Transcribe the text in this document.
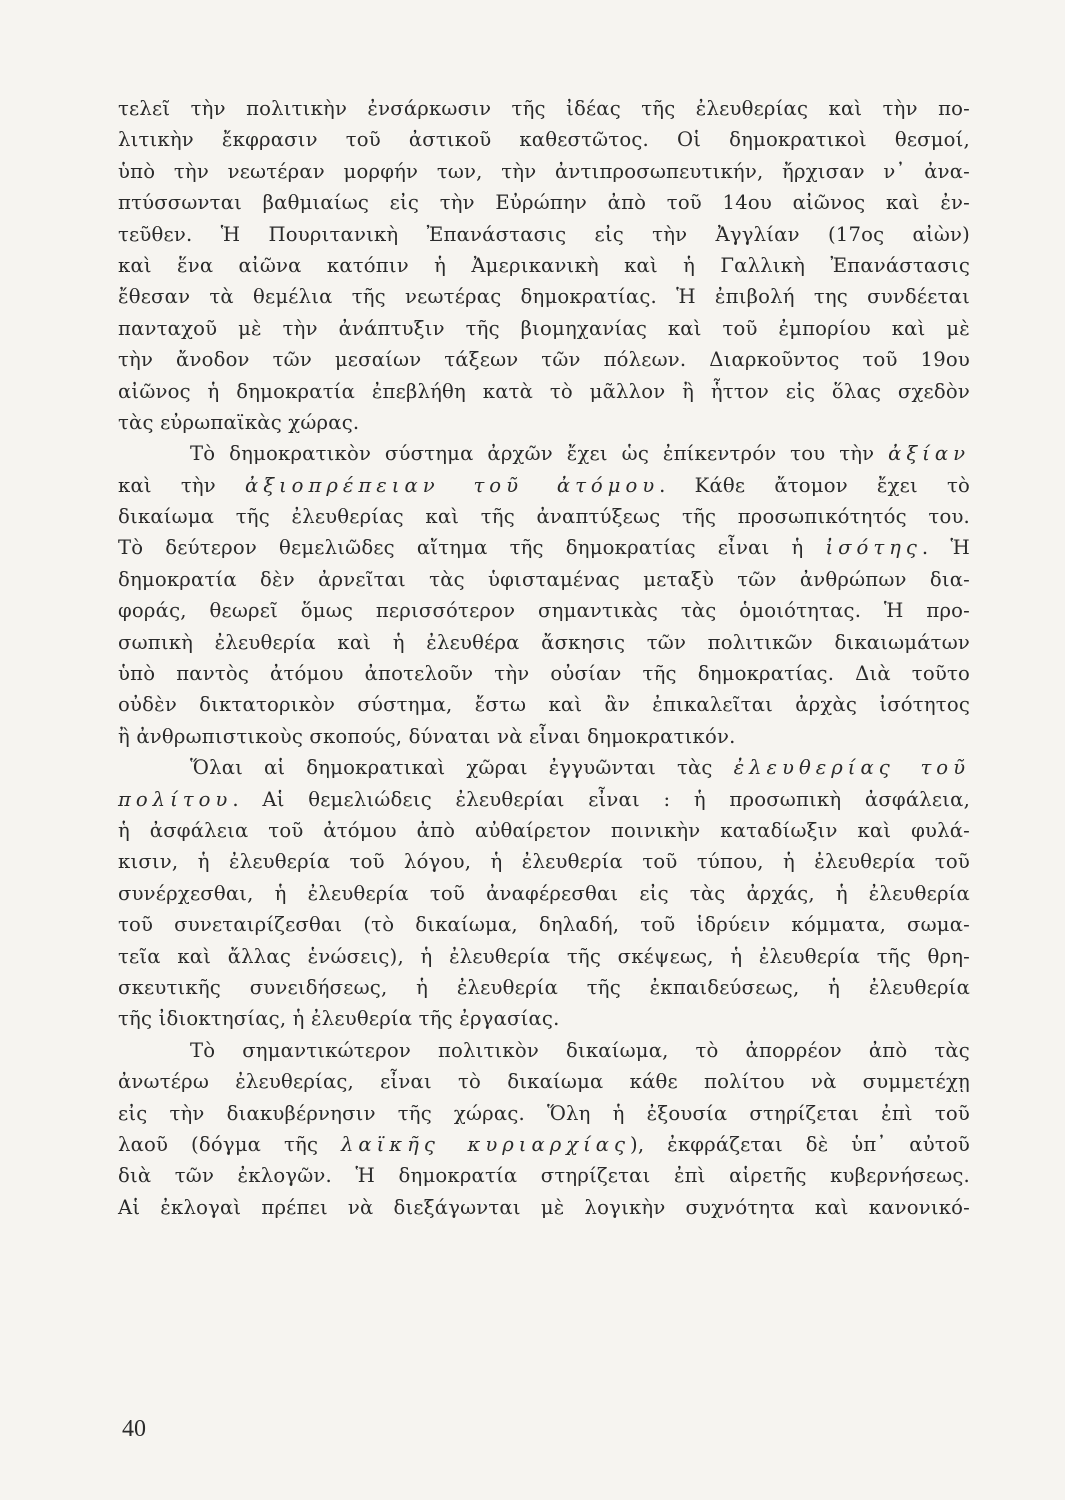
τελεῖ τὴν πολιτικὴν ἐνσάρκωσιν τῆς ἰδέας τῆς ἐλευθερίας καὶ τὴν πο-
λιτικὴν ἔκφρασιν τοῦ ἀστικοῦ καθεστῶτος. Οἱ δημοκρατικοὶ θεσμοί,
ὑπὸ τὴν νεωτέραν μορφήν των, τὴν ἀντιπροσωπευτικήν, ἤρχισαν ν᾿ ἀνα-
πτύσσωνται βαθμιαίως εἰς τὴν Εὐρώπην ἀπὸ τοῦ 14ου αἰῶνος καὶ ἐν-
τεῦθεν. Ἡ Πουριτανικὴ Ἐπανάστασις εἰς τὴν Ἀγγλίαν (17ος αἰὼν)
καὶ ἕνα αἰῶνα κατόπιν ἡ Ἀμερικανικὴ καὶ ἡ Γαλλικὴ Ἐπανάστασις
ἔθεσαν τὰ θεμέλια τῆς νεωτέρας δημοκρατίας. Ἡ ἐπιβολή της συνδέεται
πανταχοῦ μὲ τὴν ἀνάπτυξιν τῆς βιομηχανίας καὶ τοῦ ἐμπορίου καὶ μὲ
τὴν ἄνοδον τῶν μεσαίων τάξεων τῶν πόλεων. Διαρκοῦντος τοῦ 19ου
αἰῶνος ἡ δημοκρατία ἐπεβλήθη κατὰ τὸ μᾶλλον ἢ ἧττον εἰς ὅλας σχεδὸν
τὰς εὐρωπαϊκὰς χώρας.
Τὸ δημοκρατικὸν σύστημα ἀρχῶν ἔχει ὡς ἐπίκεντρόν του τὴν ἀξίαν
καὶ τὴν ἀξιοπρέπειαν τοῦ ἀτόμου. Κάθε ἄτομον ἔχει τὸ
δικαίωμα τῆς ἐλευθερίας καὶ τῆς ἀναπτύξεως τῆς προσωπικότητός του.
Τὸ δεύτερον θεμελιῶδες αἴτημα τῆς δημοκρατίας εἶναι ἡ ἰσότης. Ἡ
δημοκρατία δὲν ἀρνεῖται τὰς ὑφισταμένας μεταξὺ τῶν ἀνθρώπων δια-
φοράς, θεωρεῖ ὅμως περισσότερον σημαντικὰς τὰς ὁμοιότητας. Ἡ προ-
σωπικὴ ἐλευθερία καὶ ἡ ἐλευθέρα ἄσκησις τῶν πολιτικῶν δικαιωμάτων
ὑπὸ παντὸς ἀτόμου ἀποτελοῦν τὴν οὐσίαν τῆς δημοκρατίας. Διὰ τοῦτο
οὐδὲν δικτατορικὸν σύστημα, ἔστω καὶ ἂν ἐπικαλεῖται ἀρχὰς ἰσότητος
ἢ ἀνθρωπιστικοὺς σκοπούς, δύναται νὰ εἶναι δημοκρατικόν.
Ὅλαι αἱ δημοκρατικαὶ χῶραι ἐγγυῶνται τὰς ἐλευθερίας τοῦ
πολίτου. Αἱ θεμελιώδεις ἐλευθερίαι εἶναι : ἡ προσωπικὴ ἀσφάλεια,
ἡ ἀσφάλεια τοῦ ἀτόμου ἀπὸ αὐθαίρετον ποινικὴν καταδίωξιν καὶ φυλά-
κισιν, ἡ ἐλευθερία τοῦ λόγου, ἡ ἐλευθερία τοῦ τύπου, ἡ ἐλευθερία τοῦ
συνέρχεσθαι, ἡ ἐλευθερία τοῦ ἀναφέρεσθαι εἰς τὰς ἀρχάς, ἡ ἐλευθερία
τοῦ συνεταιρίζεσθαι (τὸ δικαίωμα, δηλαδή, τοῦ ἱδρύειν κόμματα, σωμα-
τεῖα καὶ ἄλλας ἑνώσεις), ἡ ἐλευθερία τῆς σκέψεως, ἡ ἐλευθερία τῆς θρη-
σκευτικῆς συνειδήσεως, ἡ ἐλευθερία τῆς ἐκπαιδεύσεως, ἡ ἐλευθερία
τῆς ἰδιοκτησίας, ἡ ἐλευθερία τῆς ἐργασίας.
Τὸ σημαντικώτερον πολιτικὸν δικαίωμα, τὸ ἀπορρέον ἀπὸ τὰς
ἀνωτέρω ἐλευθερίας, εἶναι τὸ δικαίωμα κάθε πολίτου νὰ συμμετέχῃ
εἰς τὴν διακυβέρνησιν τῆς χώρας. Ὅλη ἡ ἐξουσία στηρίζεται ἐπὶ τοῦ
λαοῦ (δόγμα τῆς λαϊκῆς κυριαρχίας), ἐκφράζεται δὲ ὑπ᾿ αὐτοῦ
διὰ τῶν ἐκλογῶν. Ἡ δημοκρατία στηρίζεται ἐπὶ αἱρετῆς κυβερνήσεως.
Αἱ ἐκλογαὶ πρέπει νὰ διεξάγωνται μὲ λογικὴν συχνότητα καὶ κανονικό-
40
